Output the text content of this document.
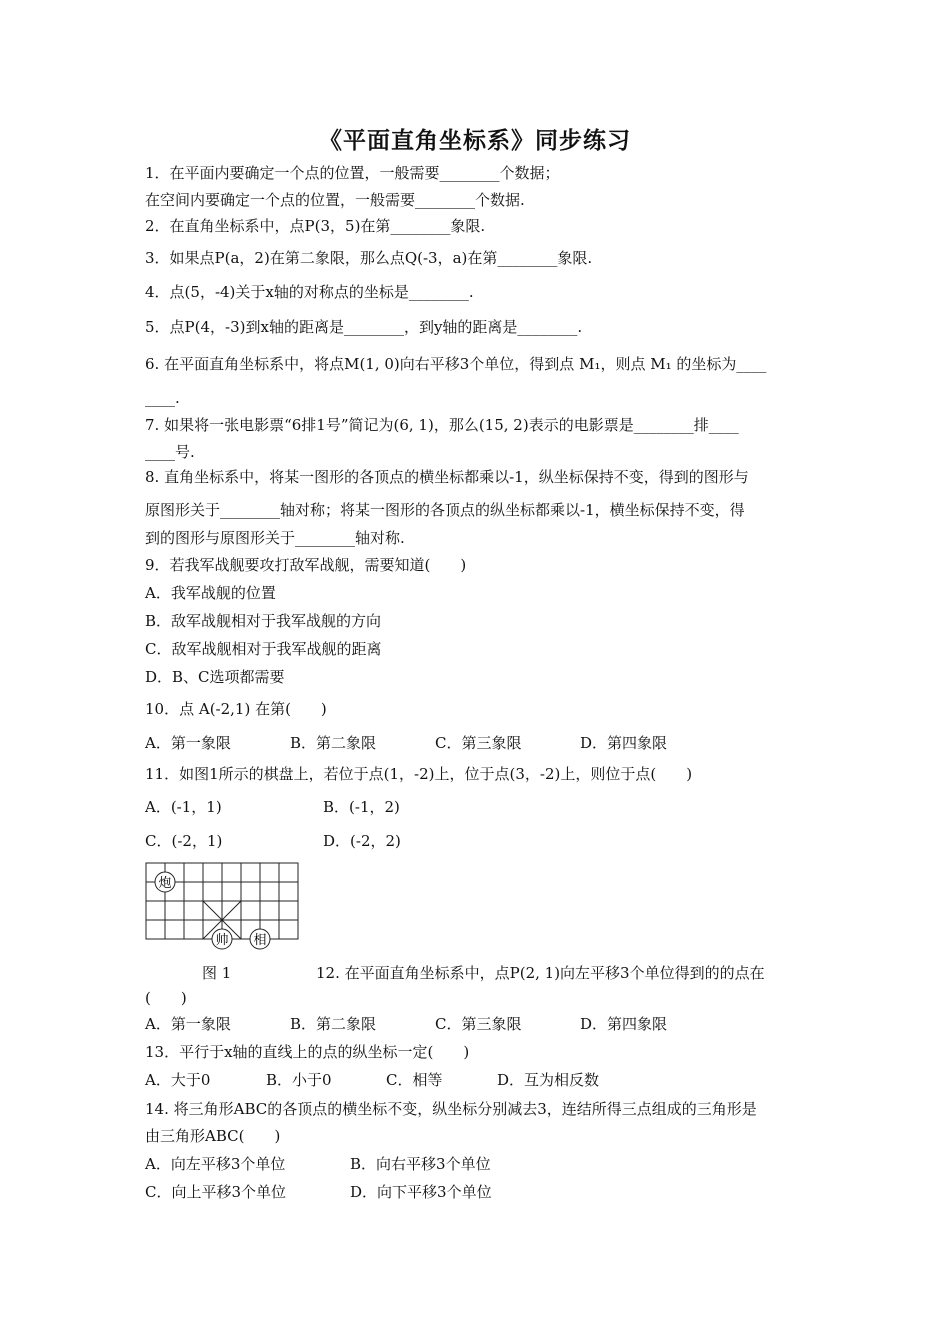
《平面直角坐标系》同步练习
1．在平面内要确定一个点的位置，一般需要________个数据；
在空间内要确定一个点的位置，一般需要________个数据.
2．在直角坐标系中，点P(3，5)在第________象限.
3．如果点P(a，2)在第二象限，那么点Q(-3，a)在第________象限.
4．点(5，-4)关于x轴的对称点的坐标是________.
5．点P(4，-3)到x轴的距离是________，到y轴的距离是________.
6. 在平面直角坐标系中，将点M(1, 0)向右平移3个单位，得到点 M₁，则点 M₁ 的坐标为____
____.
7. 如果将一张电影票“6排1号”简记为(6, 1)，那么(15, 2)表示的电影票是________排____
____号.
8. 直角坐标系中，将某一图形的各顶点的横坐标都乘以-1，纵坐标保持不变，得到的图形与
原图形关于________轴对称；将某一图形的各顶点的纵坐标都乘以-1，横坐标保持不变，得
到的图形与原图形关于________轴对称.
9．若我军战舰要攻打敌军战舰，需要知道(　　)
A．我军战舰的位置
B．敌军战舰相对于我军战舰的方向
C．敌军战舰相对于我军战舰的距离
D．B、C选项都需要
10．点 A(-2,1) 在第(　　)
11．如图1所示的棋盘上，若位于点(1，-2)上，位于点(3，-2)上，则位于点(　　)
(　　)
13．平行于x轴的直线上的点的纵坐标一定(　　)
14. 将三角形ABC的各顶点的横坐标不变，纵坐标分别减去3，连结所得三点组成的三角形是
由三角形ABC(　　)
A．第一象限	B．第二象限	C．第三象限	D．第四象限
A．(-1，1)	B．(-1，2)
C．(-2，1)	D．(-2，2)
A．第一象限	B．第二象限	C．第三象限	D．第四象限
A．大于0	B．小于0	C．相等	D．互为相反数
A．向左平移3个单位	B．向右平移3个单位
C．向上平移3个单位	D．向下平移3个单位
炮
帅 相
图 1	12. 在平面直角坐标系中，点P(2, 1)向左平移3个单位得到的的点在
